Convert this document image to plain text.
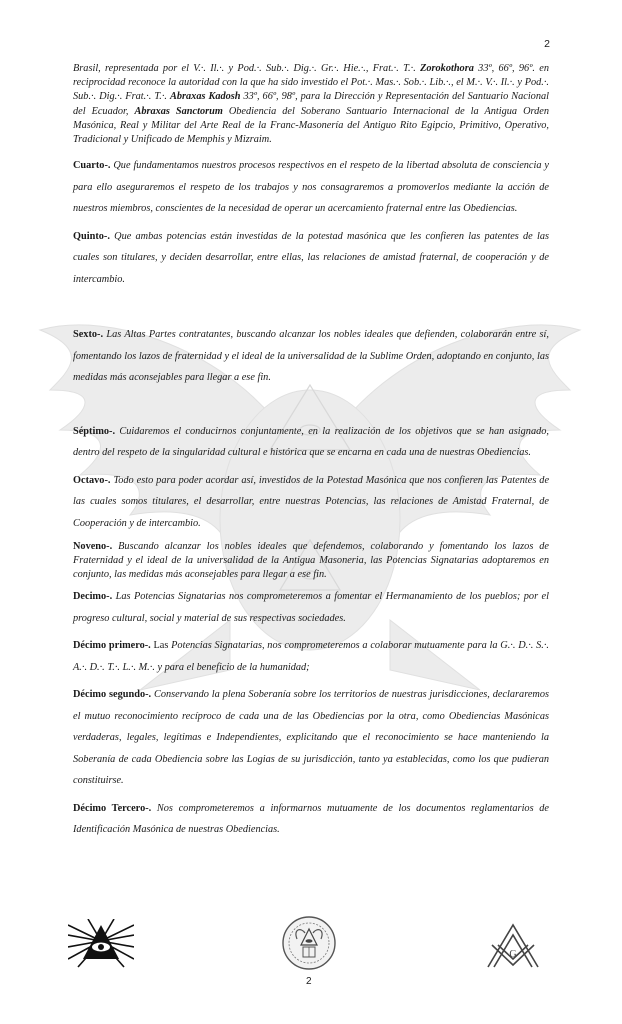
2

Brasil, representada por el V.·. Il.·. y Pod.·. Sub.·. Dig.·. Gr.·. Hie.·., Frat.·. T.·. Zorokothora 33º, 66º, 96º. en reciprocidad reconoce la autoridad con la que ha sido investido el Pot.·. Mas.·. Sob.·. Lib.·., el M.·. V.·. Il.·. y Pod.·. Sub.·. Dig.·. Frat.·. T.·. Abraxas Kadosh 33º, 66º, 98º, para la Dirección y Representación del Santuario Nacional del Ecuador, Abraxas Sanctorum Obediencia del Soberano Santuario Internacional de la Antigua Orden Masónica, Real y Militar del Arte Real de la Franc-Masonería del Antiguo Rito Egipcio, Primitivo, Operativo, Tradicional y Unificado de Memphis y Mizraim.

Cuarto-. Que fundamentamos nuestros procesos respectivos en el respeto de la libertad absoluta de consciencia y para ello aseguraremos el respeto de los trabajos y nos consagraremos a promoverlos mediante la acción de nuestros miembros, conscientes de la necesidad de operar un acercamiento fraternal entre las Obediencias.

Quinto-. Que ambas potencias están investidas de la potestad masónica que les confieren las patentes de las cuales son titulares, y deciden desarrollar, entre ellas, las relaciones de amistad fraternal, de cooperación y de intercambio.

Sexto-. Las Altas Partes contratantes, buscando alcanzar los nobles ideales que defienden, colaborarán entre sí, fomentando los lazos de fraternidad y el ideal de la universalidad de la Sublime Orden, adoptando en conjunto, las medidas más aconsejables para llegar a ese fin.

Séptimo-. Cuidaremos el conducirnos conjuntamente, en la realización de los objetivos que se han asignado, dentro del respeto de la singularidad cultural e histórica que se encarna en cada una de nuestras Obediencias.

Octavo-. Todo esto para poder acordar así, investidos de la Potestad Masónica que nos confieren las Patentes de las cuales somos titulares, el desarrollar, entre nuestras Potencias, las relaciones de Amistad Fraternal, de Cooperación y de intercambio.

Noveno-. Buscando alcanzar los nobles ideales que defendemos, colaborando y fomentando los lazos de Fraternidad y el ideal de la universalidad de la Antigua Masoneria, las Potencias Signatarias adoptaremos en conjunto, las medidas más aconsejables para llegar a ese fin.

Decimo-. Las Potencias Signatarias nos comprometeremos a fomentar el Hermanamiento de los pueblos; por el progreso cultural, social y material de sus respectivas sociedades.

Décimo primero-. Las Potencias Signatarias, nos comprometeremos a colaborar mutuamente para la G.·. D.·. S.·. A.·. D.·. T.·. L.·. M.·. y para el beneficio de la humanidad;

Décimo segundo-. Conservando la plena Soberanía sobre los territorios de nuestras jurisdicciones, declararemos el mutuo reconocimiento recíproco de cada una de las Obediencias por la otra, como Obediencias Masónicas verdaderas, legales, legítimas e Independientes, explicitando que el reconocimiento se hace manteniendo la Soberanía de cada Obediencia sobre las Logias de su jurisdicción, tanto ya establecidas, como los que pudieran constituirse.

Décimo Tercero-. Nos comprometeremos a informarnos mutuamente de los documentos reglamentarios de Identificación Masónica de nuestras Obediencias.

G
2
